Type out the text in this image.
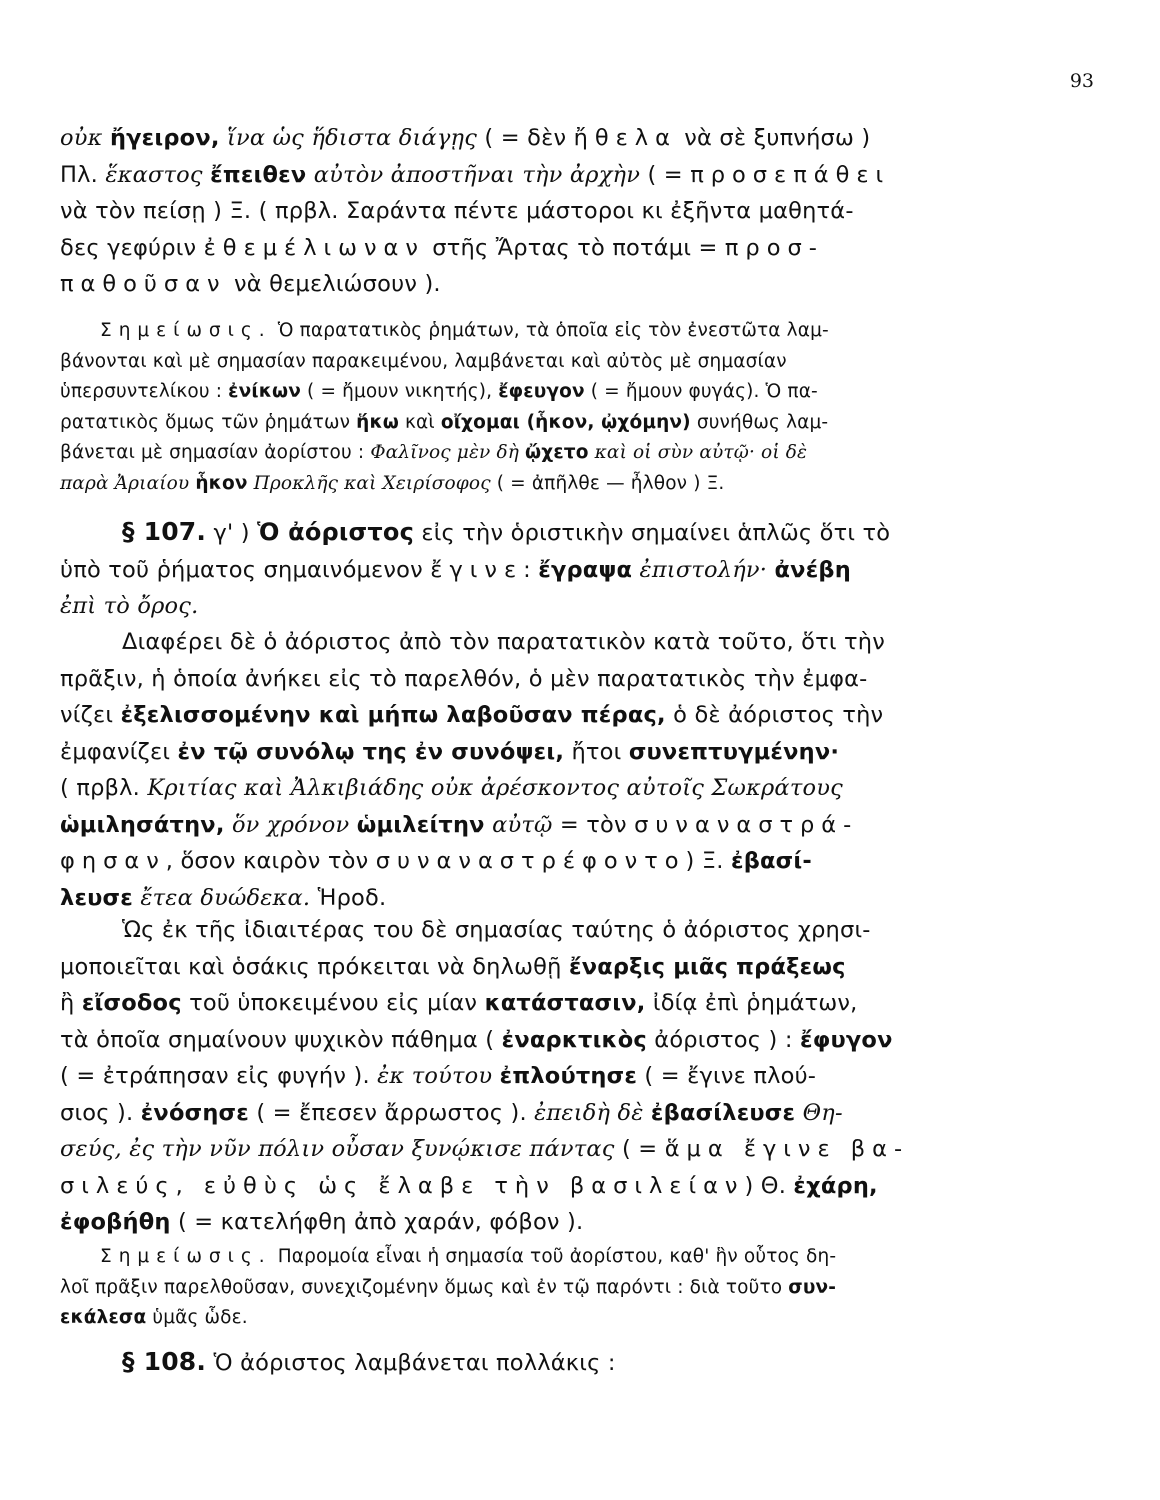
93
οὐκ ἤγειρον, ἵνα ὡς ἥδιστα διάγῃς ( = δὲν ἤθελα νὰ σὲ ξυπνήσω )
Πλ. ἕκαστος ἔπειθεν αὐτὸν ἀποστῆναι τὴν ἀρχὴν ( = προσεπάθει
νὰ τὸν πείσῃ ) Ξ. ( πρβλ. Σαράντα πέντε μάστοροι κι ἐξῆντα μαθητά-
δες γεφύριν ἐθεμέλιωναν στῆς Ἄρτας τὸ ποτάμι = προσ-
παθοῦσαν νὰ θεμελιώσουν ).
Σημείωσις. Ὁ παρατατικὸς ῥημάτων, τὰ ὁποῖα εἰς τὸν ἐνεστῶτα λαμ-
βάνονται καὶ μὲ σημασίαν παρακειμένου, λαμβάνεται καὶ αὐτὸς μὲ σημασίαν
ὑπερσυντελίκου : ἐνίκων ( = ἤμουν νικητής), ἔφευγον ( = ἤμουν φυγάς). Ὁ πα-
ρατατικὸς ὅμως τῶν ῥημάτων ἥκω καὶ οἴχομαι (ἧκον, ᾠχόμην) συνήθως λαμ-
βάνεται μὲ σημασίαν ἀορίστου : Φαλῖνος μὲν δὴ ᾤχετο καὶ οἱ σὺν αὐτῷ· οἱ δὲ
παρὰ Ἀριαίου ἧκον Προκλῆς καὶ Χειρίσοφος ( = ἀπῆλθε — ἦλθον ) Ξ.
§ 107. γ' ) Ὁ ἀόριστος εἰς τὴν ὁριστικὴν σημαίνει ἁπλῶς ὅτι τὸ
ὑπὸ τοῦ ῥήματος σημαινόμενον ἔγινε: ἔγραψα ἐπιστολήν· ἀνέβη
ἐπὶ τὸ ὄρος.
Διαφέρει δὲ ὁ ἀόριστος ἀπὸ τὸν παρατατικὸν κατὰ τοῦτο, ὅτι τὴν
πρᾶξιν, ἡ ὁποία ἀνήκει εἰς τὸ παρελθόν, ὁ μὲν παρατατικὸς τὴν ἐμφα-
νίζει ἐξελισσομένην καὶ μήπω λαβοῦσαν πέρας, ὁ δὲ ἀόριστος τὴν
ἐμφανίζει ἐν τῷ συνόλῳ της ἐν συνόψει, ἤτοι συνεπτυγμένην·
( πρβλ. Κριτίας καὶ Ἀλκιβιάδης οὐκ ἀρέσκοντος αὐτοῖς Σωκράτους
ὡμιλησάτην, ὅν χρόνον ὡμιλείτην αὐτῷ = τὸν συναναστρά-
φησαν, ὅσον καιρὸν τὸν συναναστρέφοντο) Ξ. ἐβασί-
λευσε ἔτεα δυώδεκα. Ἡροδ.
Ὡς ἐκ τῆς ἰδιαιτέρας του δὲ σημασίας ταύτης ὁ ἀόριστος χρησι-
μοποιεῖται καὶ ὁσάκις πρόκειται νὰ δηλωθῇ ἔναρξις μιᾶς πράξεως
ἢ εἴσοδος τοῦ ὑποκειμένου εἰς μίαν κατάστασιν, ἰδίᾳ ἐπὶ ῥημάτων,
τὰ ὁποῖα σημαίνουν ψυχικὸν πάθημα ( ἐναρκτικὸς ἀόριστος ) : ἔφυγον
( = ἐτράπησαν εἰς φυγήν ). ἐκ τούτου ἐπλούτησε ( = ἔγινε πλού-
σιος ). ἐνόσησε ( = ἔπεσεν ἄρρωστος ). ἐπειδὴ δὲ ἐβασίλευσε Θη-
σεύς, ἐς τὴν νῦν πόλιν οὖσαν ξυνῴκισε πάντας ( = ἅμα ἔγινε βα-
σιλεύς, εὐθὺς ὡς ἔλαβε τὴν βασιλείαν) Θ. ἐχάρη,
ἐφοβήθη ( = κατελήφθη ἀπὸ χαράν, φόβον ).
Σημείωσις. Παρομοία εἶναι ἡ σημασία τοῦ ἀορίστου, καθ' ἣν οὗτος δη-
λοῖ πρᾶξιν παρελθοῦσαν, συνεχιζομένην ὅμως καὶ ἐν τῷ παρόντι : διὰ τοῦτο συν-
εκάλεσα ὑμᾶς ὧδε.
§ 108. Ὁ ἀόριστος λαμβάνεται πολλάκις :
